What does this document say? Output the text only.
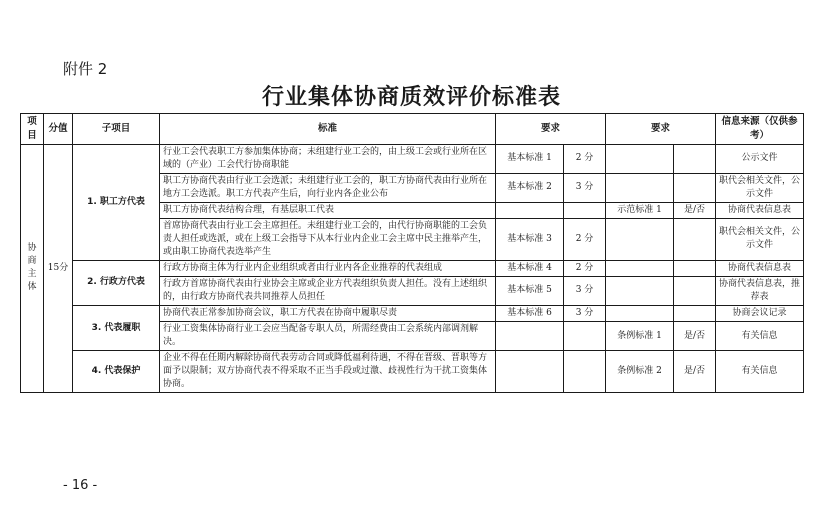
附件 2
行业集体协商质效评价标准表
项目	分值	子项目	标准	要求		要求		信息来源（仅供参考）
协商主体	15分	1. 职工方代表	行业工会代表职工方参加集体协商；未组建行业工会的，由上级工会或行业所在区域的（产业）工会代行协商职能	基本标准 1	2 分			公示文件
			职工方协商代表由行业工会选派；未组建行业工会的，职工方协商代表由行业所在地方工会选派。职工方代表产生后，向行业内各企业公布	基本标准 2	3 分			职代会相关文件，公示文件
			职工方协商代表结构合理，有基层职工代表			示范标准 1	是/否	协商代表信息表
			首席协商代表由行业工会主席担任。未组建行业工会的，由代行协商职能的工会负责人担任或选派，或在上级工会指导下从本行业内企业工会主席中民主推举产生，或由职工协商代表选举产生	基本标准 3	2 分			职代会相关文件，公示文件
		2. 行政方代表	行政方协商主体为行业内企业组织或者由行业内各企业推荐的代表组成	基本标准 4	2 分			协商代表信息表
			行政方首席协商代表由行业协会主席或企业方代表组织负责人担任。没有上述组织的，由行政方协商代表共同推荐人员担任	基本标准 5	3 分			协商代表信息表，推荐表
		3. 代表履职	协商代表正常参加协商会议，职工方代表在协商中履职尽责	基本标准 6	3 分			协商会议记录
			行业工资集体协商行业工会应当配备专职人员，所需经费由工会系统内部调剂解决。			条例标准 1	是/否	有关信息
		4. 代表保护	企业不得在任期内解除协商代表劳动合同或降低福利待遇，不得在晋级、晋职等方面予以限制；双方协商代表不得采取不正当手段或过激、歧视性行为干扰工资集体协商。			条例标准 2	是/否	有关信息
- 16 -
